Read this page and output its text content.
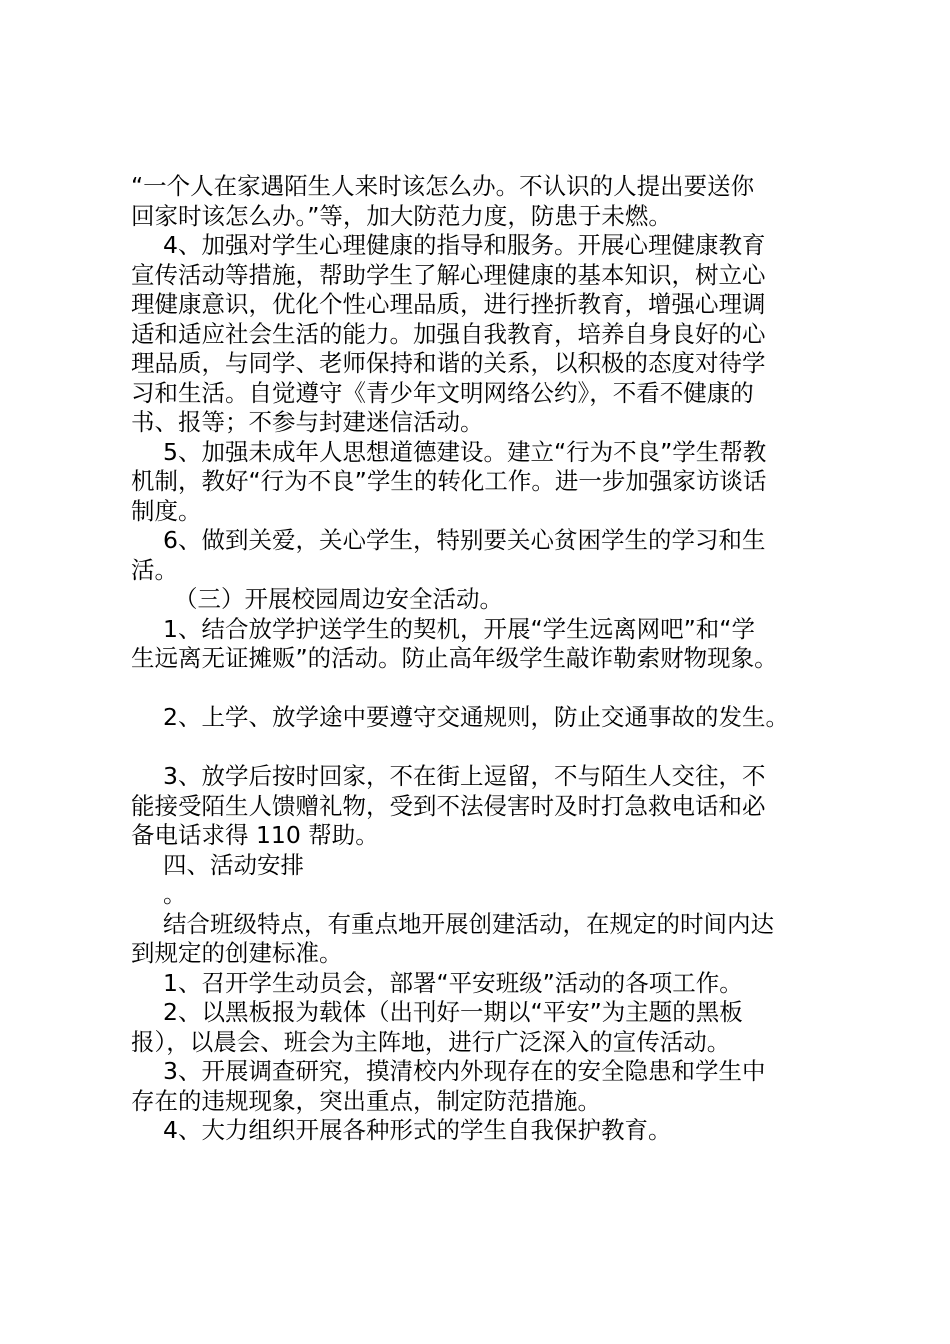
“一个人在家遇陌生人来时该怎么办。不认识的人提出要送你
回家时该怎么办。”等，加大防范力度，防患于未燃。
4、加强对学生心理健康的指导和服务。开展心理健康教育
宣传活动等措施，帮助学生了解心理健康的基本知识，树立心
理健康意识，优化个性心理品质，进行挫折教育，增强心理调
适和适应社会生活的能力。加强自我教育，培养自身良好的心
理品质，与同学、老师保持和谐的关系，以积极的态度对待学
习和生活。自觉遵守《青少年文明网络公约》，不看不健康的
书、报等；不参与封建迷信活动。
5、加强未成年人思想道德建设。建立“行为不良”学生帮教
机制，教好“行为不良”学生的转化工作。进一步加强家访谈话
制度。
6、做到关爱，关心学生，特别要关心贫困学生的学习和生
活。
（三）开展校园周边安全活动。
1、结合放学护送学生的契机，开展“学生远离网吧”和“学
生远离无证摊贩”的活动。防止高年级学生敲诈勒索财物现象。
2、上学、放学途中要遵守交通规则，防止交通事故的发生。
3、放学后按时回家，不在街上逗留，不与陌生人交往，不
能接受陌生人馈赠礼物，受到不法侵害时及时打急救电话和必
备电话求得 110 帮助。
四、活动安排
。
结合班级特点，有重点地开展创建活动，在规定的时间内达
到规定的创建标准。
1、召开学生动员会，部署“平安班级”活动的各项工作。
2、以黑板报为载体（出刊好一期以“平安”为主题的黑板
报），以晨会、班会为主阵地，进行广泛深入的宣传活动。
3、开展调查研究，摸清校内外现存在的安全隐患和学生中
存在的违规现象，突出重点，制定防范措施。
4、大力组织开展各种形式的学生自我保护教育。
